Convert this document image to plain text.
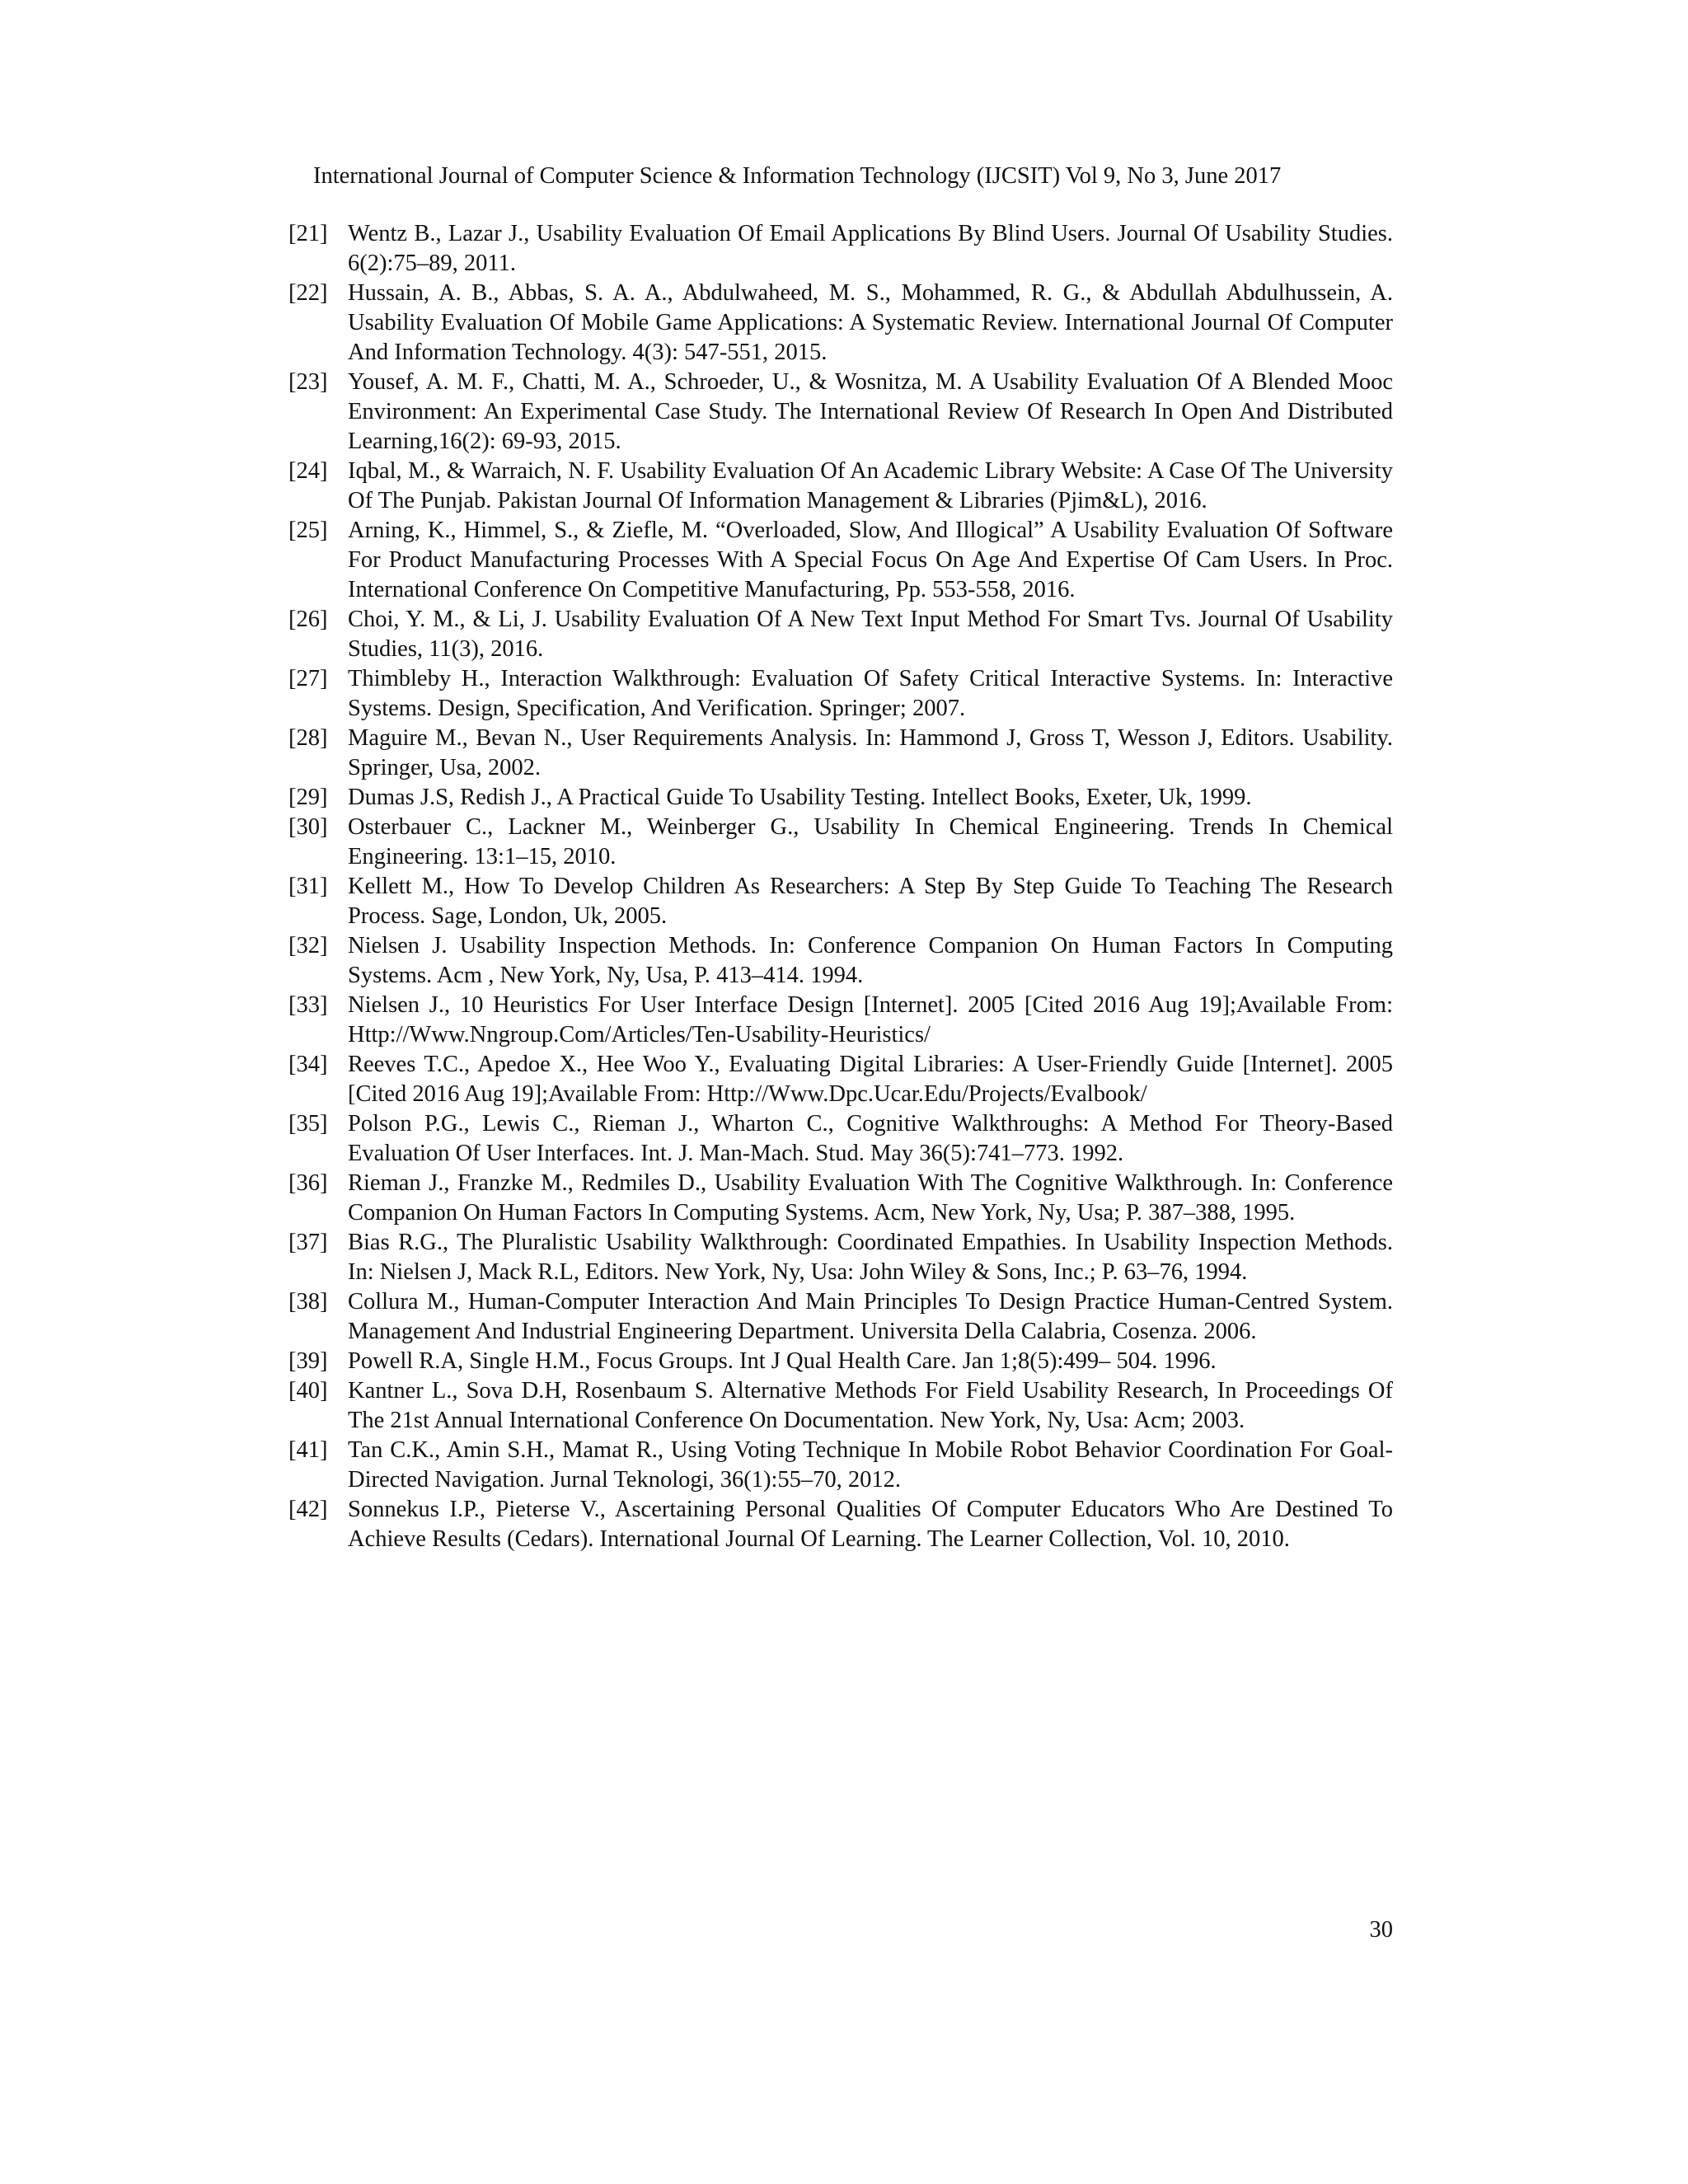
International Journal of Computer Science & Information Technology (IJCSIT) Vol 9, No 3, June 2017
[21] Wentz B., Lazar J., Usability Evaluation Of Email Applications By Blind Users. Journal Of Usability Studies. 6(2):75–89, 2011.
[22] Hussain, A. B., Abbas, S. A. A., Abdulwaheed, M. S., Mohammed, R. G., & Abdullah Abdulhussein, A. Usability Evaluation Of Mobile Game Applications: A Systematic Review. International Journal Of Computer And Information Technology. 4(3): 547-551, 2015.
[23] Yousef, A. M. F., Chatti, M. A., Schroeder, U., & Wosnitza, M. A Usability Evaluation Of A Blended Mooc Environment: An Experimental Case Study. The International Review Of Research In Open And Distributed Learning,16(2): 69-93, 2015.
[24] Iqbal, M., & Warraich, N. F. Usability Evaluation Of An Academic Library Website: A Case Of The University Of The Punjab. Pakistan Journal Of Information Management & Libraries (Pjim&L), 2016.
[25] Arning, K., Himmel, S., & Ziefle, M. “Overloaded, Slow, And Illogical” A Usability Evaluation Of Software For Product Manufacturing Processes With A Special Focus On Age And Expertise Of Cam Users. In Proc. International Conference On Competitive Manufacturing, Pp. 553-558, 2016.
[26] Choi, Y. M., & Li, J. Usability Evaluation Of A New Text Input Method For Smart Tvs. Journal Of Usability Studies, 11(3), 2016.
[27] Thimbleby H., Interaction Walkthrough: Evaluation Of Safety Critical Interactive Systems. In: Interactive Systems. Design, Specification, And Verification. Springer; 2007.
[28] Maguire M., Bevan N., User Requirements Analysis. In: Hammond J, Gross T, Wesson J, Editors. Usability. Springer, Usa, 2002.
[29] Dumas J.S, Redish J., A Practical Guide To Usability Testing. Intellect Books, Exeter, Uk, 1999.
[30] Osterbauer C., Lackner M., Weinberger G., Usability In Chemical Engineering. Trends In Chemical Engineering. 13:1–15, 2010.
[31] Kellett M., How To Develop Children As Researchers: A Step By Step Guide To Teaching The Research Process. Sage, London, Uk, 2005.
[32] Nielsen J. Usability Inspection Methods. In: Conference Companion On Human Factors In Computing Systems. Acm , New York, Ny, Usa, P. 413–414. 1994.
[33] Nielsen J., 10 Heuristics For User Interface Design [Internet]. 2005 [Cited 2016 Aug 19];Available From: Http://Www.Nngroup.Com/Articles/Ten-Usability-Heuristics/
[34] Reeves T.C., Apedoe X., Hee Woo Y., Evaluating Digital Libraries: A User-Friendly Guide [Internet]. 2005 [Cited 2016 Aug 19];Available From: Http://Www.Dpc.Ucar.Edu/Projects/Evalbook/
[35] Polson P.G., Lewis C., Rieman J., Wharton C., Cognitive Walkthroughs: A Method For Theory-Based Evaluation Of User Interfaces. Int. J. Man-Mach. Stud. May 36(5):741–773. 1992.
[36] Rieman J., Franzke M., Redmiles D., Usability Evaluation With The Cognitive Walkthrough. In: Conference Companion On Human Factors In Computing Systems. Acm, New York, Ny, Usa; P. 387–388, 1995.
[37] Bias R.G., The Pluralistic Usability Walkthrough: Coordinated Empathies. In Usability Inspection Methods. In: Nielsen J, Mack R.L, Editors. New York, Ny, Usa: John Wiley & Sons, Inc.; P. 63–76, 1994.
[38] Collura M., Human-Computer Interaction And Main Principles To Design Practice Human-Centred System. Management And Industrial Engineering Department. Universita Della Calabria, Cosenza. 2006.
[39] Powell R.A, Single H.M., Focus Groups. Int J Qual Health Care. Jan 1;8(5):499– 504. 1996.
[40] Kantner L., Sova D.H, Rosenbaum S. Alternative Methods For Field Usability Research, In Proceedings Of The 21st Annual International Conference On Documentation. New York, Ny, Usa: Acm; 2003.
[41] Tan C.K., Amin S.H., Mamat R., Using Voting Technique In Mobile Robot Behavior Coordination For Goal-Directed Navigation. Jurnal Teknologi, 36(1):55–70, 2012.
[42] Sonnekus I.P., Pieterse V., Ascertaining Personal Qualities Of Computer Educators Who Are Destined To Achieve Results (Cedars). International Journal Of Learning. The Learner Collection, Vol. 10, 2010.
30
